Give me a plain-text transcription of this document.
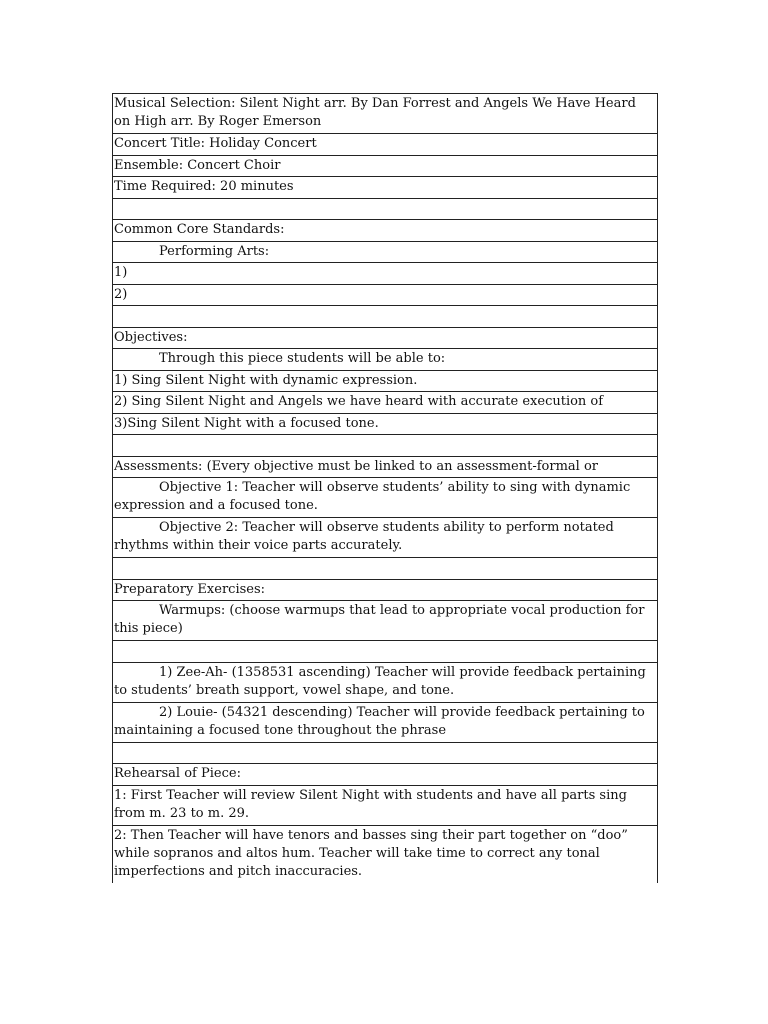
Musical Selection: Silent Night arr. By Dan Forrest and Angels We Have Heard on High arr. By Roger Emerson
Concert Title: Holiday Concert
Ensemble: Concert Choir
Time Required: 20 minutes
Common Core Standards:
Performing Arts:
1)
2)
Objectives:
Through this piece students will be able to:
1) Sing Silent Night with dynamic expression.
2) Sing Silent Night and Angels we have heard with accurate execution of
3)Sing Silent Night with a focused tone.
Assessments: (Every objective must be linked to an assessment-formal or
Objective 1: Teacher will observe students’ ability to sing with dynamic expression and a focused tone.
Objective 2: Teacher will observe students ability to perform notated rhythms within their voice parts accurately.
Preparatory Exercises:
Warmups: (choose warmups that lead to appropriate vocal production for this piece)
1) Zee-Ah- (1358531 ascending) Teacher will provide feedback pertaining to students’ breath support, vowel shape, and tone.
2) Louie- (54321 descending) Teacher will provide feedback pertaining to maintaining a focused tone throughout the phrase
Rehearsal of Piece:
1: First Teacher will review Silent Night with students and have all parts sing from m. 23 to m. 29.
2: Then Teacher will have tenors and basses sing their part together on “doo” while sopranos and altos hum. Teacher will take time to correct any tonal imperfections and pitch inaccuracies.
